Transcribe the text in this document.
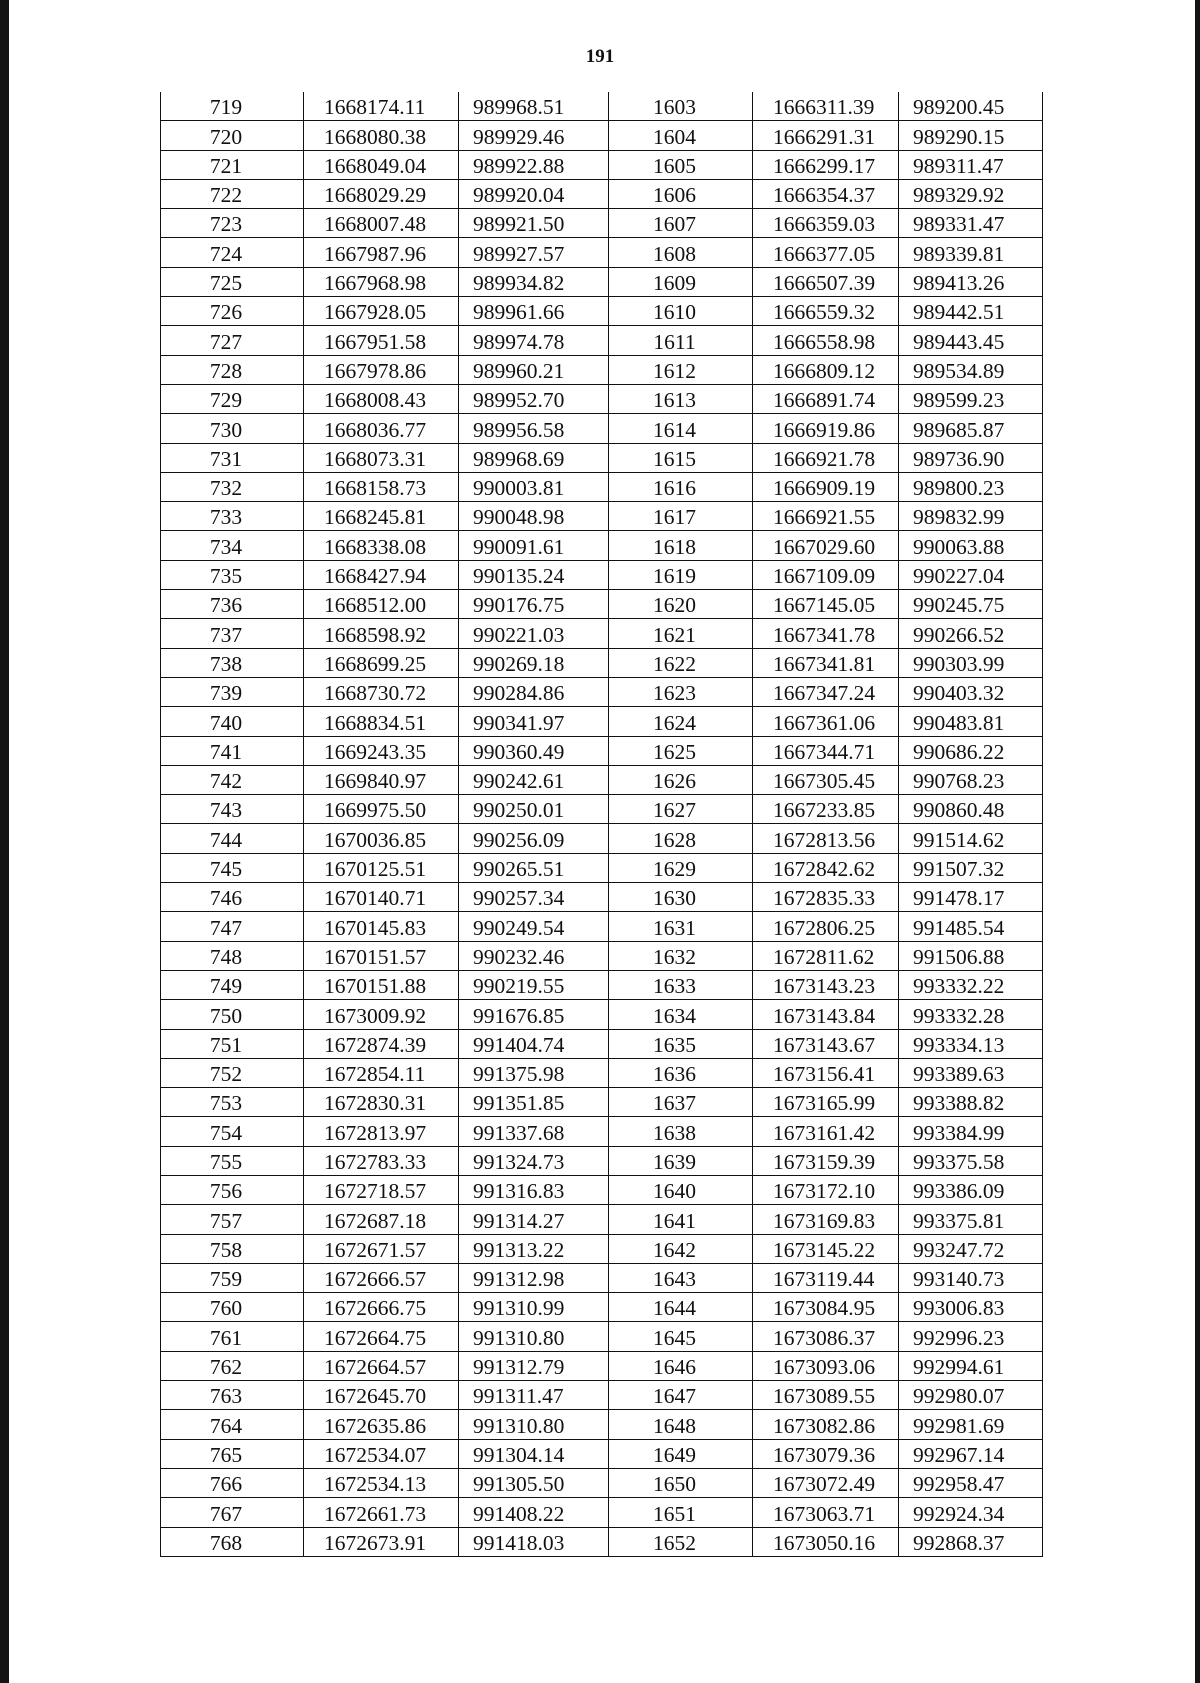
191
719	1668174.11	989968.51	1603	1666311.39	989200.45
720	1668080.38	989929.46	1604	1666291.31	989290.15
721	1668049.04	989922.88	1605	1666299.17	989311.47
722	1668029.29	989920.04	1606	1666354.37	989329.92
723	1668007.48	989921.50	1607	1666359.03	989331.47
724	1667987.96	989927.57	1608	1666377.05	989339.81
725	1667968.98	989934.82	1609	1666507.39	989413.26
726	1667928.05	989961.66	1610	1666559.32	989442.51
727	1667951.58	989974.78	1611	1666558.98	989443.45
728	1667978.86	989960.21	1612	1666809.12	989534.89
729	1668008.43	989952.70	1613	1666891.74	989599.23
730	1668036.77	989956.58	1614	1666919.86	989685.87
731	1668073.31	989968.69	1615	1666921.78	989736.90
732	1668158.73	990003.81	1616	1666909.19	989800.23
733	1668245.81	990048.98	1617	1666921.55	989832.99
734	1668338.08	990091.61	1618	1667029.60	990063.88
735	1668427.94	990135.24	1619	1667109.09	990227.04
736	1668512.00	990176.75	1620	1667145.05	990245.75
737	1668598.92	990221.03	1621	1667341.78	990266.52
738	1668699.25	990269.18	1622	1667341.81	990303.99
739	1668730.72	990284.86	1623	1667347.24	990403.32
740	1668834.51	990341.97	1624	1667361.06	990483.81
741	1669243.35	990360.49	1625	1667344.71	990686.22
742	1669840.97	990242.61	1626	1667305.45	990768.23
743	1669975.50	990250.01	1627	1667233.85	990860.48
744	1670036.85	990256.09	1628	1672813.56	991514.62
745	1670125.51	990265.51	1629	1672842.62	991507.32
746	1670140.71	990257.34	1630	1672835.33	991478.17
747	1670145.83	990249.54	1631	1672806.25	991485.54
748	1670151.57	990232.46	1632	1672811.62	991506.88
749	1670151.88	990219.55	1633	1673143.23	993332.22
750	1673009.92	991676.85	1634	1673143.84	993332.28
751	1672874.39	991404.74	1635	1673143.67	993334.13
752	1672854.11	991375.98	1636	1673156.41	993389.63
753	1672830.31	991351.85	1637	1673165.99	993388.82
754	1672813.97	991337.68	1638	1673161.42	993384.99
755	1672783.33	991324.73	1639	1673159.39	993375.58
756	1672718.57	991316.83	1640	1673172.10	993386.09
757	1672687.18	991314.27	1641	1673169.83	993375.81
758	1672671.57	991313.22	1642	1673145.22	993247.72
759	1672666.57	991312.98	1643	1673119.44	993140.73
760	1672666.75	991310.99	1644	1673084.95	993006.83
761	1672664.75	991310.80	1645	1673086.37	992996.23
762	1672664.57	991312.79	1646	1673093.06	992994.61
763	1672645.70	991311.47	1647	1673089.55	992980.07
764	1672635.86	991310.80	1648	1673082.86	992981.69
765	1672534.07	991304.14	1649	1673079.36	992967.14
766	1672534.13	991305.50	1650	1673072.49	992958.47
767	1672661.73	991408.22	1651	1673063.71	992924.34
768	1672673.91	991418.03	1652	1673050.16	992868.37
